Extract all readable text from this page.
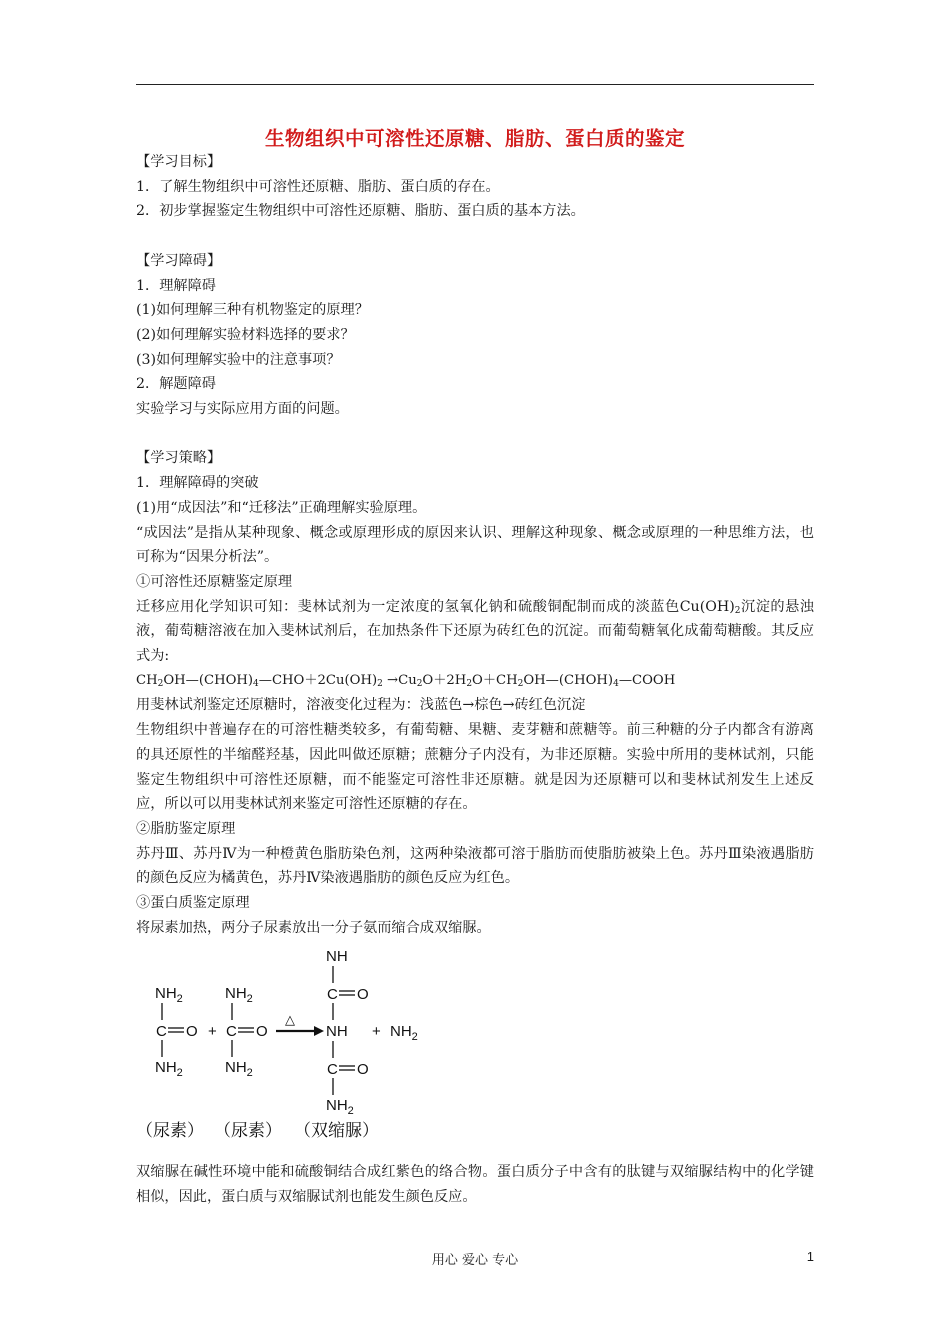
生物组织中可溶性还原糖、脂肪、蛋白质的鉴定

【学习目标】

1．了解生物组织中可溶性还原糖、脂肪、蛋白质的存在。

2．初步掌握鉴定生物组织中可溶性还原糖、脂肪、蛋白质的基本方法。

【学习障碍】

1．理解障碍

(1)如何理解三种有机物鉴定的原理？

(2)如何理解实验材料选择的要求？

(3)如何理解实验中的注意事项？

2．解题障碍

实验学习与实际应用方面的问题。

【学习策略】

1．理解障碍的突破

(1)用“成因法”和“迁移法”正确理解实验原理。

“成因法”是指从某种现象、概念或原理形成的原因来认识、理解这种现象、概念或原理的一种思维方法，也可称为“因果分析法”。

①可溶性还原糖鉴定原理

迁移应用化学知识可知：斐林试剂为一定浓度的氢氧化钠和硫酸铜配制而成的淡蓝色$Cu(OH)_2$沉淀的悬浊液，葡萄糖溶液在加入斐林试剂后，在加热条件下还原为砖红色的沉淀。而葡萄糖氧化成葡萄糖酸。其反应式为:

$CH_2OH—(CHOH)_4—CHO+2Cu(OH)_2$ $\to Cu_2O+2H_2O+CH_2OH—(CHOH)_4—COOH$

用斐林试剂鉴定还原糖时，溶液变化过程为：浅蓝色→棕色→砖红色沉淀

生物组织中普遍存在的可溶性糖类较多，有葡萄糖、果糖、麦芽糖和蔗糖等。前三种糖的分子内都含有游离的具还原性的半缩醛羟基，因此叫做还原糖；蔗糖分子内没有，为非还原糖。实验中所用的斐林试剂，只能鉴定生物组织中可溶性还原糖，而不能鉴定可溶性非还原糖。就是因为还原糖可以和斐林试剂发生上述反应，所以可以用斐林试剂来鉴定可溶性还原糖的存在。

②脂肪鉴定原理

苏丹Ⅲ、苏丹Ⅳ为一种橙黄色脂肪染色剂，这两种染液都可溶于脂肪而使脂肪被染上色。苏丹Ⅲ染液遇脂肪的颜色反应为橘黄色，苏丹Ⅳ染液遇脂肪的颜色反应为红色。

③蛋白质鉴定原理

将尿素加热，两分子尿素放出一分子氨而缩合成双缩脲。

$NH_2$
C O
$NH_2$
+
$NH_2$
C O
$NH_2$
△
NH
C O
NH
C O
$NH_2$
+ $NH_2$
（尿素） （尿素） （双缩脲）

双缩脲在碱性环境中能和硫酸铜结合成红紫色的络合物。蛋白质分子中含有的肽键与双缩脲结构中的化学键相似，因此，蛋白质与双缩脲试剂也能发生颜色反应。

用心 爱心 专心	1
